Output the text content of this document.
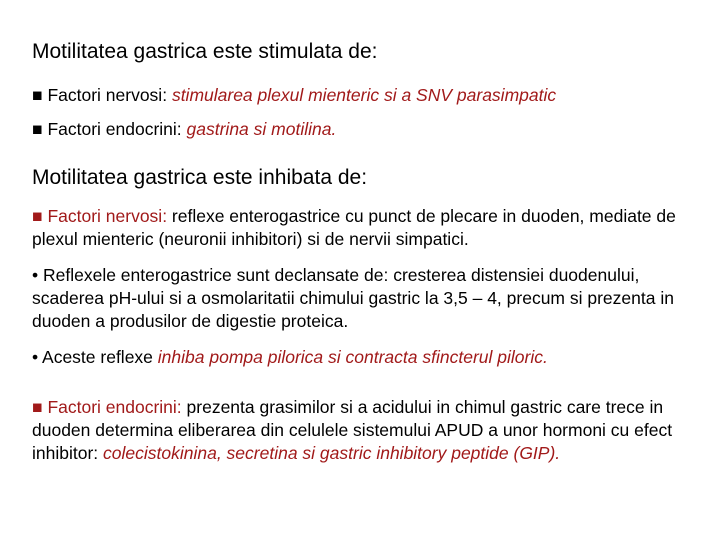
Motilitatea gastrica este stimulata de:
■ Factori nervosi: stimularea plexul mienteric si a SNV parasimpatic
■ Factori endocrini: gastrina si motilina.
Motilitatea gastrica este inhibata de:
■ Factori nervosi: reflexe enterogastrice cu punct de plecare in duoden, mediate de plexul mienteric (neuronii inhibitori) si de nervii simpatici.
• Reflexele enterogastrice sunt declansate de: cresterea distensiei duodenului, scaderea pH-ului si a osmolaritatii chimului gastric la 3,5 – 4, precum si prezenta in duoden a produsilor de digestie proteica.
• Aceste reflexe inhiba pompa pilorica si contracta sfincterul piloric.
■ Factori endocrini: prezenta grasimilor si a acidului in chimul gastric care trece in duoden determina eliberarea din celulele sistemului APUD a unor hormoni cu efect inhibitor: colecistokinina, secretina si gastric inhibitory peptide (GIP).
